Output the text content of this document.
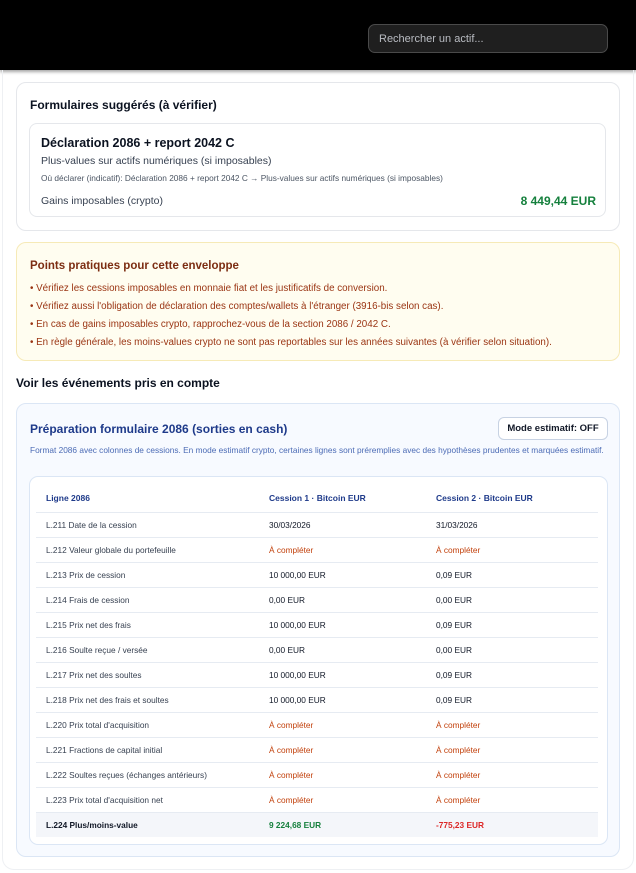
Rechercher un actif...
Formulaires suggérés (à vérifier)
Déclaration 2086 + report 2042 C
Plus-values sur actifs numériques (si imposables)
Où déclarer (indicatif): Déclaration 2086 + report 2042 C → Plus-values sur actifs numériques (si imposables)
Gains imposables (crypto)	8 449,44 EUR
Points pratiques pour cette enveloppe
• Vérifiez les cessions imposables en monnaie fiat et les justificatifs de conversion.
• Vérifiez aussi l'obligation de déclaration des comptes/wallets à l'étranger (3916-bis selon cas).
• En cas de gains imposables crypto, rapprochez-vous de la section 2086 / 2042 C.
• En règle générale, les moins-values crypto ne sont pas reportables sur les années suivantes (à vérifier selon situation).
Voir les événements pris en compte
Préparation formulaire 2086 (sorties en cash)	Mode estimatif: OFF
Format 2086 avec colonnes de cessions. En mode estimatif crypto, certaines lignes sont préremplies avec des hypothèses prudentes et marquées estimatif.
Ligne 2086	Cession 1 · Bitcoin EUR	Cession 2 · Bitcoin EUR
L.211 Date de la cession	30/03/2026	31/03/2026
L.212 Valeur globale du portefeuille	À compléter	À compléter
L.213 Prix de cession	10 000,00 EUR	0,09 EUR
L.214 Frais de cession	0,00 EUR	0,00 EUR
L.215 Prix net des frais	10 000,00 EUR	0,09 EUR
L.216 Soulte reçue / versée	0,00 EUR	0,00 EUR
L.217 Prix net des soultes	10 000,00 EUR	0,09 EUR
L.218 Prix net des frais et soultes	10 000,00 EUR	0,09 EUR
L.220 Prix total d'acquisition	À compléter	À compléter
L.221 Fractions de capital initial	À compléter	À compléter
L.222 Soultes reçues (échanges antérieurs)	À compléter	À compléter
L.223 Prix total d'acquisition net	À compléter	À compléter
L.224 Plus/moins-value	9 224,68 EUR	-775,23 EUR
